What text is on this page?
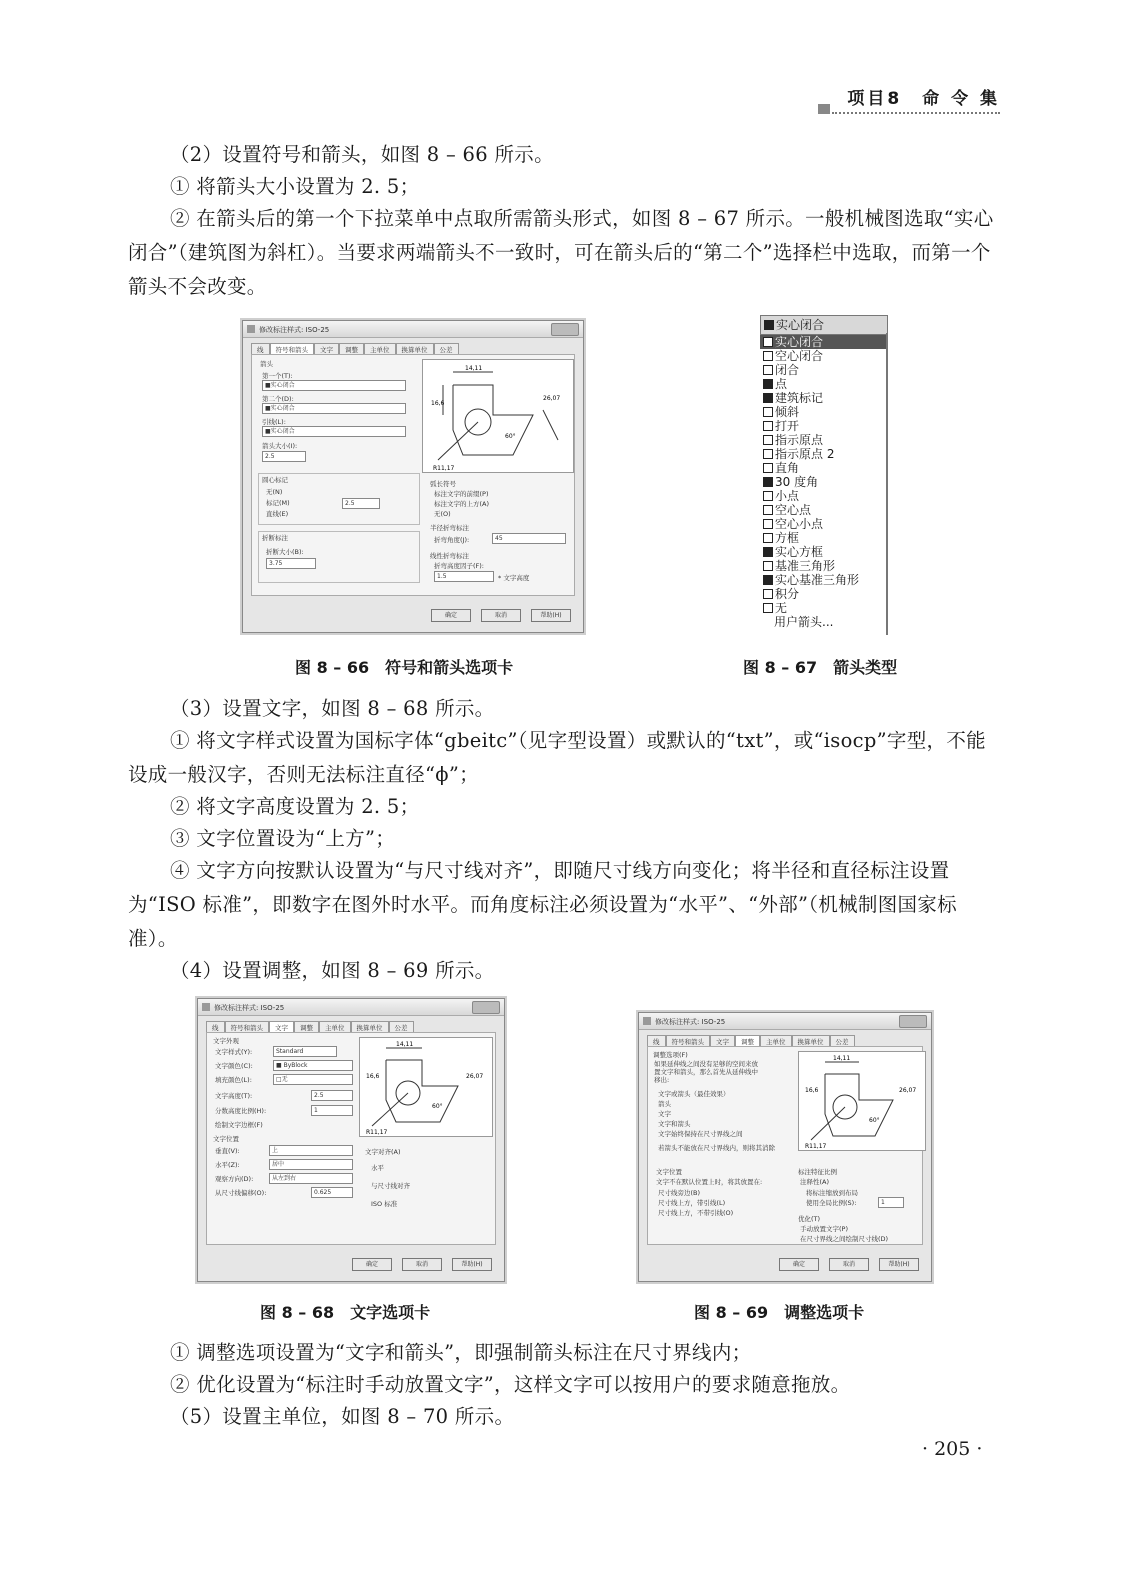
项目8　命 令 集

（2）设置符号和箭头，如图 8 – 66 所示。

① 将箭头大小设置为 2. 5；

② 在箭头后的第一个下拉菜单中点取所需箭头形式，如图 8 – 67 所示。一般机械图选取“实心闭合”（建筑图为斜杠）。当要求两端箭头不一致时，可在箭头后的“第二个”选择栏中选取，而第一个箭头不会改变。

修改标注样式: ISO-25
线	符号和箭头	文字	调整	主单位	换算单位	公差
箭头
第一个(T):
■实心闭合
第二个(D):
■实心闭合
引线(L):
■实心闭合
箭头大小(I):
2.5
圆心标记
无(N)
标记(M)
直线(E)
2.5
折断标注
折断大小(B):
3.75
14,11
16,6
26,07
R11,17
60°
弧长符号
标注文字的前缀(P)
标注文字的上方(A)
无(O)
半径折弯标注
折弯角度(J):	45
线性折弯标注
折弯高度因子(F):
1.5	* 文字高度
确定	取消	帮助(H)
实心闭合
实心闭合
空心闭合
闭合
点
建筑标记
倾斜
打开
指示原点
指示原点 2
直角
30 度角
小点
空心点
空心小点
方框
实心方框
基准三角形
实心基准三角形
积分
无
用户箭头...
图 8 – 66　符号和箭头选项卡	图 8 – 67　箭头类型

（3）设置文字，如图 8 – 68 所示。

① 将文字样式设置为国标字体“gbeitc”（见字型设置）或默认的“txt”，或“isocp”字型，不能设成一般汉字，否则无法标注直径“ϕ”；

② 将文字高度设置为 2. 5；

③ 文字位置设为“上方”；

④ 文字方向按默认设置为“与尺寸线对齐”，即随尺寸线方向变化；将半径和直径标注设置为“ISO 标准”，即数字在图外时水平。而角度标注必须设置为“水平”、“外部”（机械制图国家标准）。

（4）设置调整，如图 8 – 69 所示。

修改标注样式: ISO-25
线	符号和箭头	文字	调整	主单位	换算单位	公差
文字外观
文字样式(Y):	Standard
文字颜色(C):	■ ByBlock
填充颜色(L):	□无
文字高度(T):	2.5
分数高度比例(H):	1
绘制文字边框(F)
文字位置
垂直(V):	上
水平(Z):	居中
观察方向(D):	从左到右
从尺寸线偏移(O):	0.625
14,11
16,6	26,07
R11,17
60°
文字对齐(A)
水平
与尺寸线对齐
ISO 标准
确定	取消	帮助(H)
修改标注样式: ISO-25
线	符号和箭头	文字	调整	主单位	换算单位	公差
调整选项(F)
如果延伸线之间没有足够的空间来放置文字和箭头，那么首先从延伸线中移出:
文字或箭头（最佳效果）
箭头
文字
文字和箭头
文字始终保持在尺寸界线之间
若箭头不能放在尺寸界线内，则将其消除
文字位置
文字不在默认位置上时，将其放置在:
尺寸线旁边(B)
尺寸线上方，带引线(L)
尺寸线上方，不带引线(O)
14,11
16,6	26,07
R11,17
60°
标注特征比例
注释性(A)
将标注缩放到布局
使用全局比例(S):	1
优化(T)
手动放置文字(P)
在尺寸界线之间绘制尺寸线(D)
确定	取消	帮助(H)
图 8 – 68　文字选项卡	图 8 – 69　调整选项卡

① 调整选项设置为“文字和箭头”，即强制箭头标注在尺寸界线内；

② 优化设置为“标注时手动放置文字”，这样文字可以按用户的要求随意拖放。

（5）设置主单位，如图 8 – 70 所示。

· 205 ·
